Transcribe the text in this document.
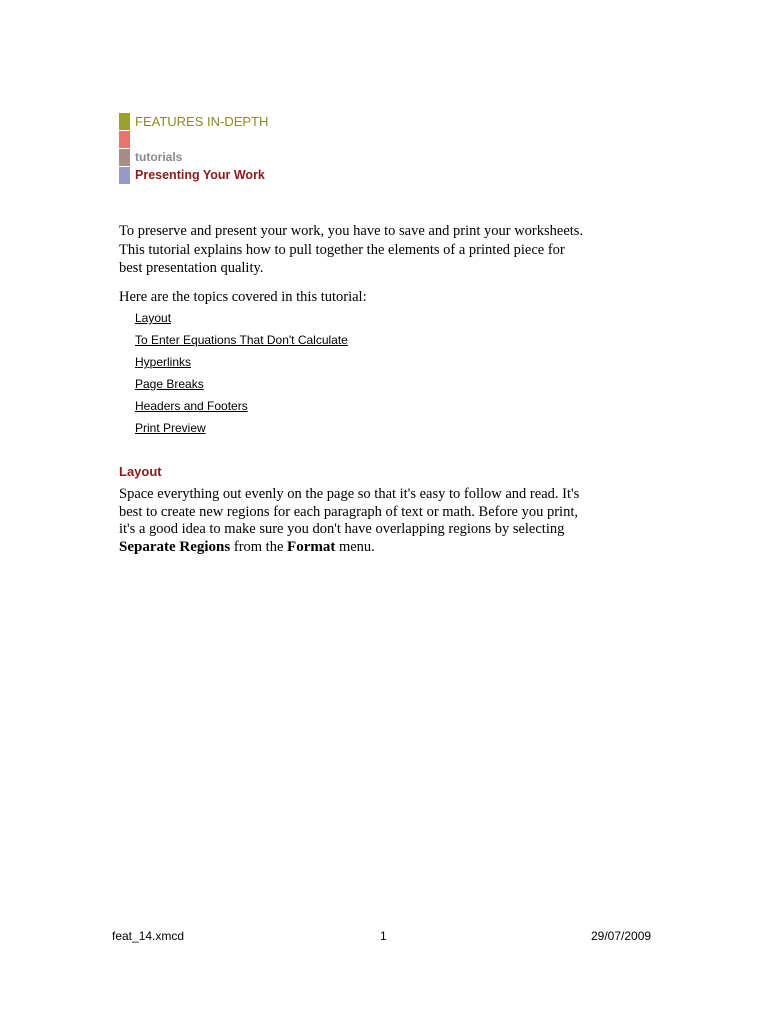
FEATURES IN-DEPTH
tutorials
Presenting Your Work

To preserve and present your work, you have to save and print your worksheets. This tutorial explains how to pull together the elements of a printed piece for best presentation quality.

Here are the topics covered in this tutorial:
Layout
To Enter Equations That Don't Calculate
Hyperlinks
Page Breaks
Headers and Footers
Print Preview
Layout

Space everything out evenly on the page so that it's easy to follow and read. It's best to create new regions for each paragraph of text or math. Before you print, it's a good idea to make sure you don't have overlapping regions by selecting Separate Regions from the Format menu.

feat_14.xmcd	1	29/07/2009
